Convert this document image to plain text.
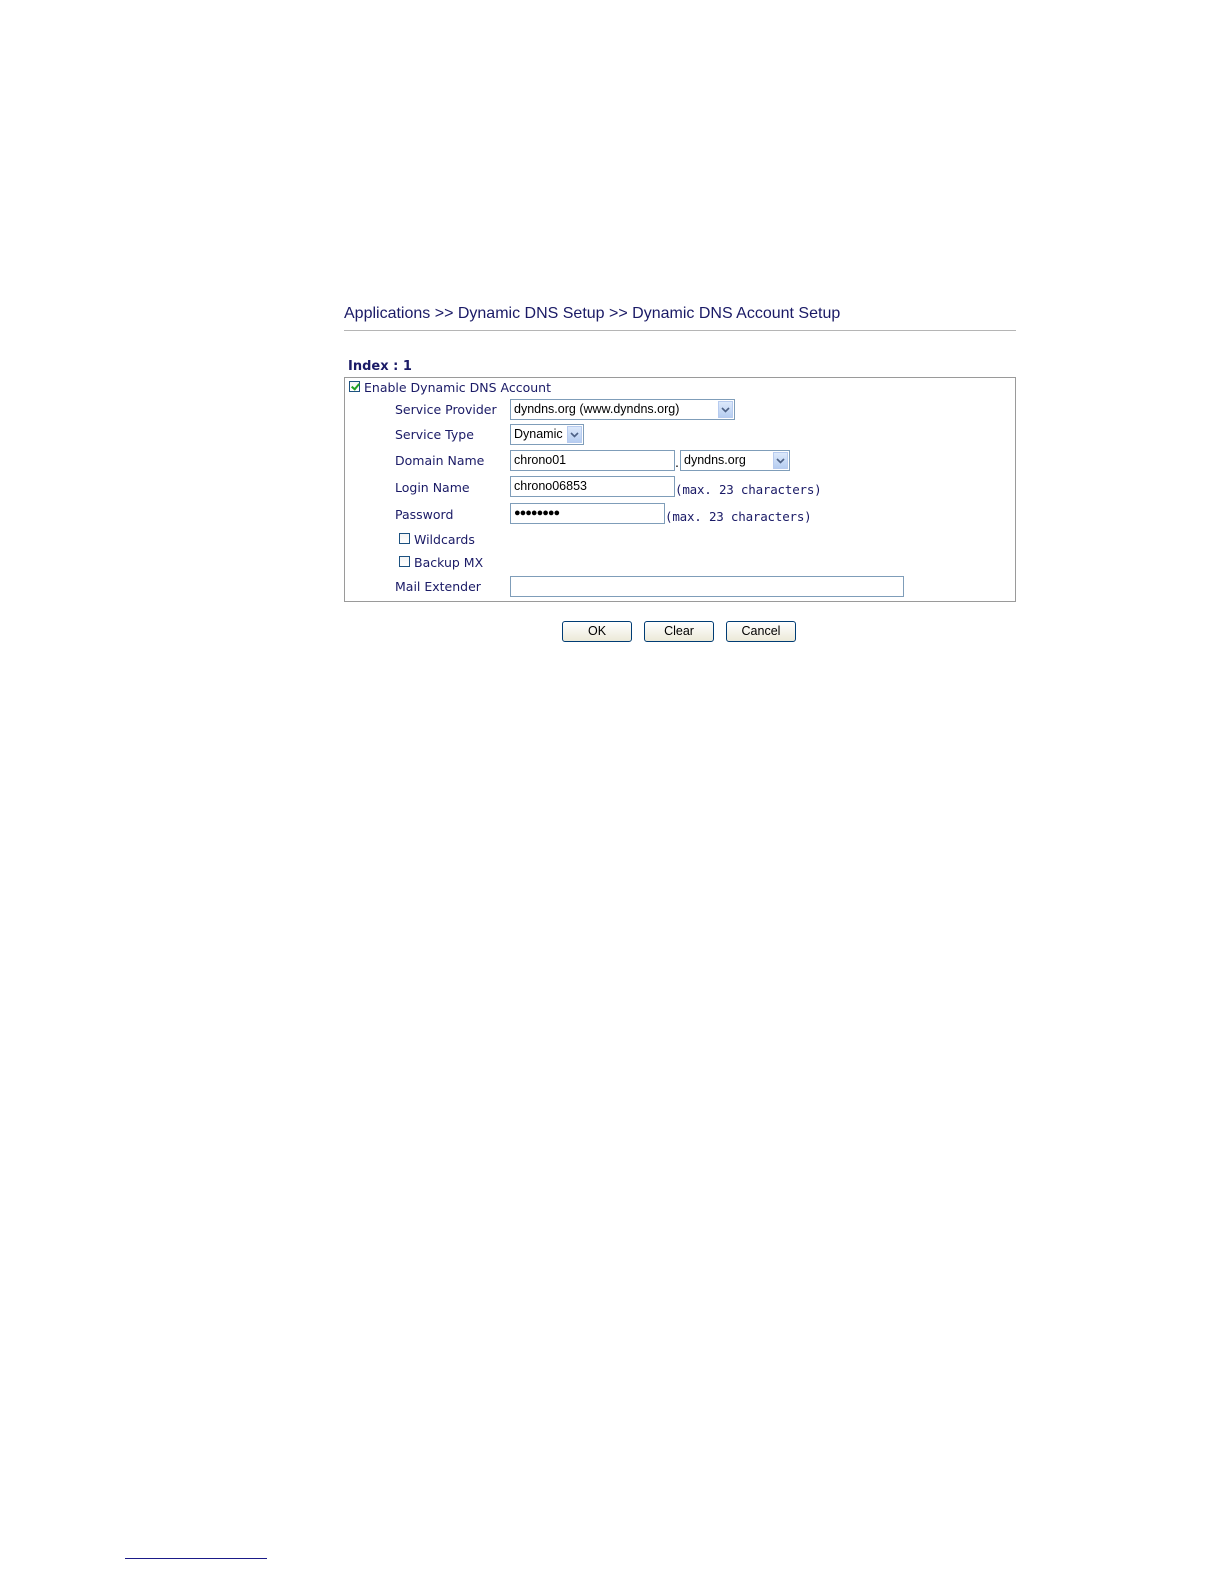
Applications >> Dynamic DNS Setup >> Dynamic DNS Account Setup
Index : 1
Enable Dynamic DNS Account
Service Provider	dyndns.org (www.dyndns.org)
Service Type	Dynamic
Domain Name	chrono01	. dyndns.org
Login Name	chrono06853	(max. 23 characters)
Password	●●●●●●●●	(max. 23 characters)
Wildcards
Backup MX
Mail Extender
OK	Clear	Cancel
